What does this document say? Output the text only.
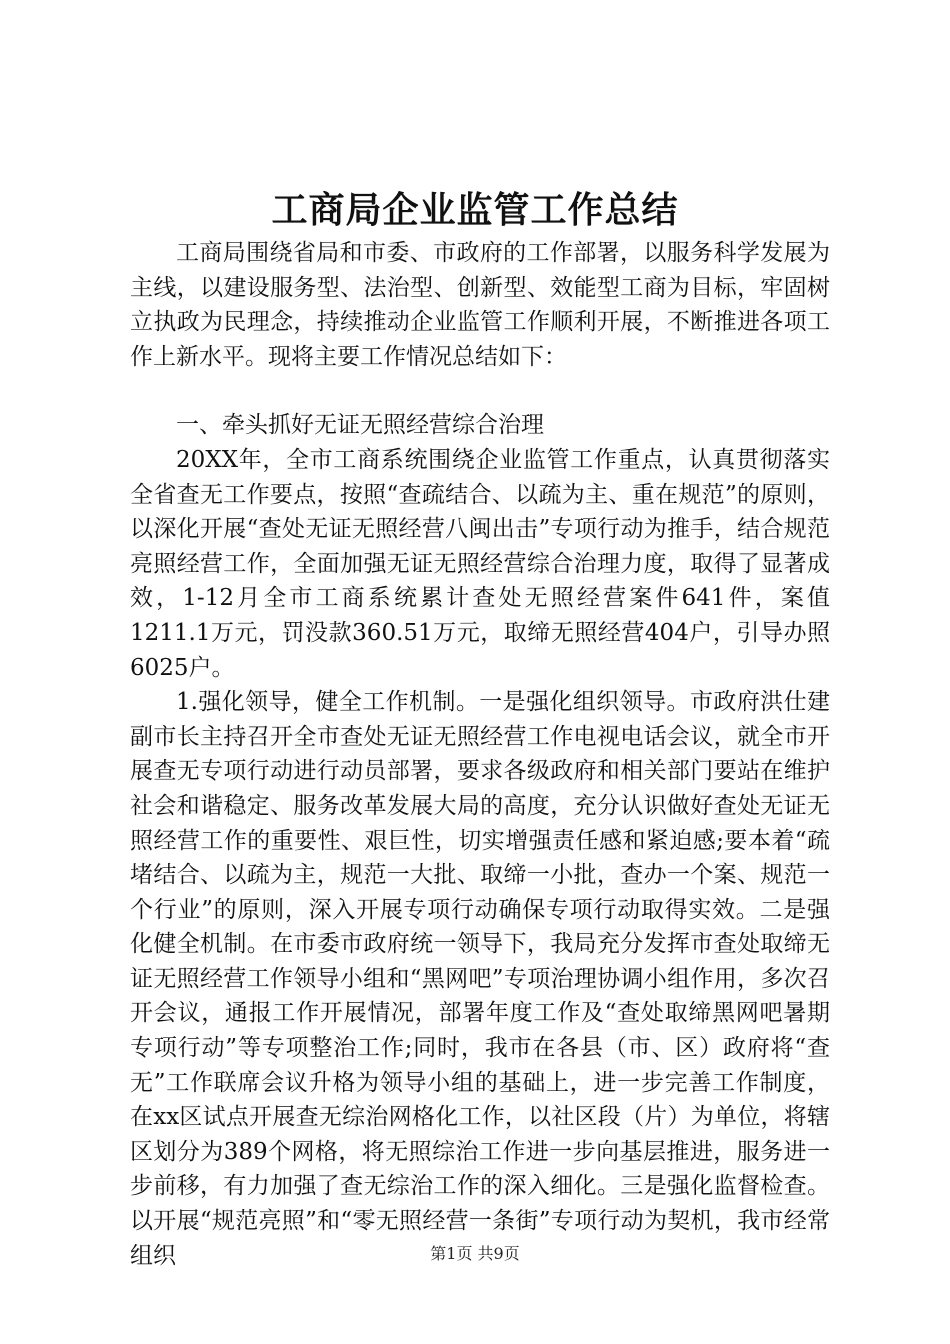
工商局企业监管工作总结

工商局围绕省局和市委、市政府的工作部署，以服务科学发展为主线，以建设服务型、法治型、创新型、效能型工商为目标，牢固树立执政为民理念，持续推动企业监管工作顺利开展，不断推进各项工作上新水平。现将主要工作情况总结如下：

一、牵头抓好无证无照经营综合治理

20XX年，全市工商系统围绕企业监管工作重点，认真贯彻落实全省查无工作要点，按照“查疏结合、以疏为主、重在规范”的原则，以深化开展“查处无证无照经营八闽出击”专项行动为推手，结合规范亮照经营工作，全面加强无证无照经营综合治理力度，取得了显著成效，1-12月全市工商系统累计查处无照经营案件641件，案值1211.1万元，罚没款360.51万元，取缔无照经营404户，引导办照6025户。

1.强化领导，健全工作机制。一是强化组织领导。市政府洪仕建副市长主持召开全市查处无证无照经营工作电视电话会议，就全市开展查无专项行动进行动员部署，要求各级政府和相关部门要站在维护社会和谐稳定、服务改革发展大局的高度，充分认识做好查处无证无照经营工作的重要性、艰巨性，切实增强责任感和紧迫感;要本着“疏堵结合、以疏为主，规范一大批、取缔一小批，查办一个案、规范一个行业”的原则，深入开展专项行动确保专项行动取得实效。二是强化健全机制。在市委市政府统一领导下，我局充分发挥市查处取缔无证无照经营工作领导小组和“黑网吧”专项治理协调小组作用，多次召开会议，通报工作开展情况，部署年度工作及“查处取缔黑网吧暑期专项行动”等专项整治工作;同时，我市在各县（市、区）政府将“查无”工作联席会议升格为领导小组的基础上，进一步完善工作制度，在xx区试点开展查无综治网格化工作，以社区段（片）为单位，将辖区划分为389个网格，将无照综治工作进一步向基层推进，服务进一步前移，有力加强了查无综治工作的深入细化。三是强化监督检查。以开展“规范亮照”和“零无照经营一条街”专项行动为契机，我市经常组织	第1页 共9页
